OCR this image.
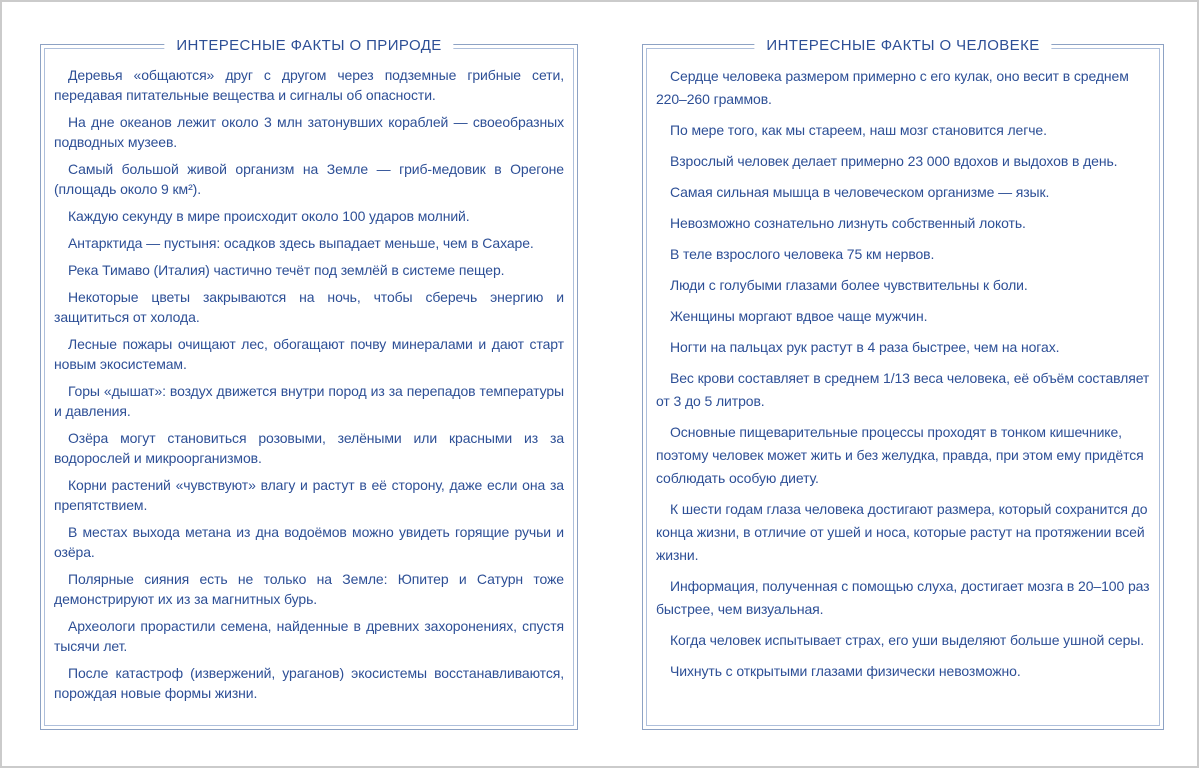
ИНТЕРЕСНЫЕ ФАКТЫ О ПРИРОДЕ

Деревья «общаются» друг с другом через подземные грибные сети, передавая питательные вещества и сигналы об опасности.

На дне океанов лежит около 3 млн затонувших кораблей — своеобразных подводных музеев.

Самый большой живой организм на Земле — гриб-медовик в Орегоне (площадь около 9 км²).

Каждую секунду в мире происходит около 100 ударов молний.

Антарктида — пустыня: осадков здесь выпадает меньше, чем в Сахаре.

Река Тимаво (Италия) частично течёт под землёй в системе пещер.

Некоторые цветы закрываются на ночь, чтобы сберечь энергию и защититься от холода.

Лесные пожары очищают лес, обогащают почву минералами и дают старт новым экосистемам.

Горы «дышат»: воздух движется внутри пород из за перепадов температуры и давления.

Озёра могут становиться розовыми, зелёными или красными из за водорослей и микроорганизмов.

Корни растений «чувствуют» влагу и растут в её сторону, даже если она за препятствием.

В местах выхода метана из дна водоёмов можно увидеть горящие ручьи и озёра.

Полярные сияния есть не только на Земле: Юпитер и Сатурн тоже демонстрируют их из за магнитных бурь.

Археологи прорастили семена, найденные в древних захоронениях, спустя тысячи лет.

После катастроф (извержений, ураганов) экосистемы восстанавливаются, порождая новые формы жизни.

ИНТЕРЕСНЫЕ ФАКТЫ О ЧЕЛОВЕКЕ

Сердце человека размером примерно с его кулак, оно весит в среднем 220–260 граммов.

По мере того, как мы стареем, наш мозг становится легче.

Взрослый человек делает примерно 23 000 вдохов и выдохов в день.

Самая сильная мышца в человеческом организме — язык.

Невозможно сознательно лизнуть собственный локоть.

В теле взрослого человека 75 км нервов.

Люди с голубыми глазами более чувствительны к боли.

Женщины моргают вдвое чаще мужчин.

Ногти на пальцах рук растут в 4 раза быстрее, чем на ногах.

Вес крови составляет в среднем 1/13 веса человека, её объём составляет от 3 до 5 литров.

Основные пищеварительные процессы проходят в тонком кишечнике, поэтому человек может жить и без желудка, правда, при этом ему придётся соблюдать особую диету.

К шести годам глаза человека достигают размера, который сохранится до конца жизни, в отличие от ушей и носа, которые растут на протяжении всей жизни.

Информация, полученная с помощью слуха, достигает мозга в 20–100 раз быстрее, чем визуальная.

Когда человек испытывает страх, его уши выделяют больше ушной серы.

Чихнуть с открытыми глазами физически невозможно.
